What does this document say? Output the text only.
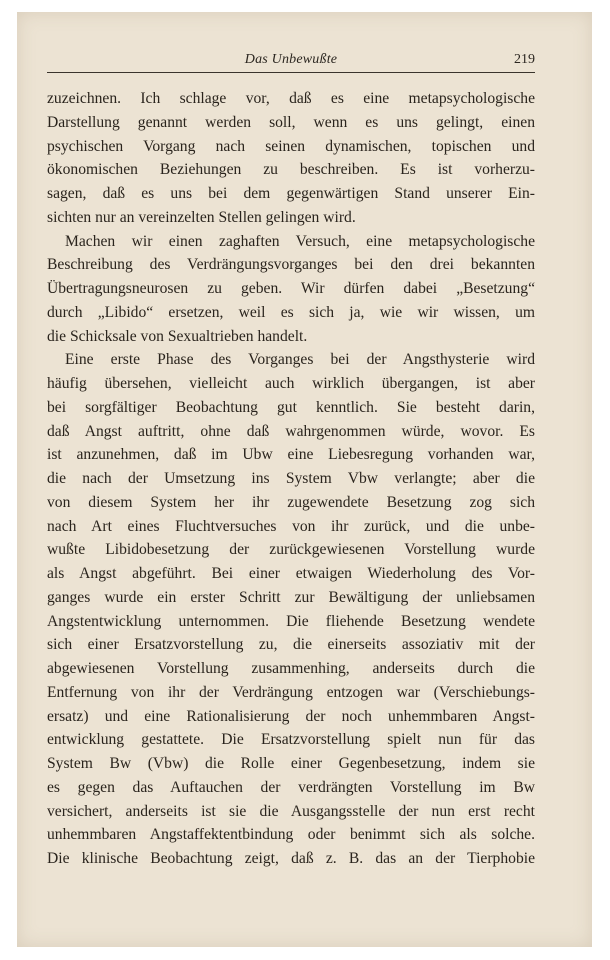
Das Unbewußte	219
zuzeichnen. Ich schlage vor, daß es eine metapsychologische
Darstellung genannt werden soll, wenn es uns gelingt, einen
psychischen Vorgang nach seinen dynamischen, topischen und
ökonomischen Beziehungen zu beschreiben. Es ist vorherzu-
sagen, daß es uns bei dem gegenwärtigen Stand unserer Ein-
sichten nur an vereinzelten Stellen gelingen wird.
Machen wir einen zaghaften Versuch, eine metapsychologische
Beschreibung des Verdrängungsvorganges bei den drei bekannten
Übertragungsneurosen zu geben. Wir dürfen dabei „Besetzung“
durch „Libido“ ersetzen, weil es sich ja, wie wir wissen, um
die Schicksale von Sexualtrieben handelt.
Eine erste Phase des Vorganges bei der Angsthysterie wird
häufig übersehen, vielleicht auch wirklich übergangen, ist aber
bei sorgfältiger Beobachtung gut kenntlich. Sie besteht darin,
daß Angst auftritt, ohne daß wahrgenommen würde, wovor. Es
ist anzunehmen, daß im Ubw eine Liebesregung vorhanden war,
die nach der Umsetzung ins System Vbw verlangte; aber die
von diesem System her ihr zugewendete Besetzung zog sich
nach Art eines Fluchtversuches von ihr zurück, und die unbe-
wußte Libidobesetzung der zurückgewiesenen Vorstellung wurde
als Angst abgeführt. Bei einer etwaigen Wiederholung des Vor-
ganges wurde ein erster Schritt zur Bewältigung der unliebsamen
Angstentwicklung unternommen. Die fliehende Besetzung wendete
sich einer Ersatzvorstellung zu, die einerseits assoziativ mit der
abgewiesenen Vorstellung zusammenhing, anderseits durch die
Entfernung von ihr der Verdrängung entzogen war (Verschiebungs-
ersatz) und eine Rationalisierung der noch unhemmbaren Angst-
entwicklung gestattete. Die Ersatzvorstellung spielt nun für das
System Bw (Vbw) die Rolle einer Gegenbesetzung, indem sie
es gegen das Auftauchen der verdrängten Vorstellung im Bw
versichert, anderseits ist sie die Ausgangsstelle der nun erst recht
unhemmbaren Angstaffektentbindung oder benimmt sich als solche.
Die klinische Beobachtung zeigt, daß z. B. das an der Tierphobie
